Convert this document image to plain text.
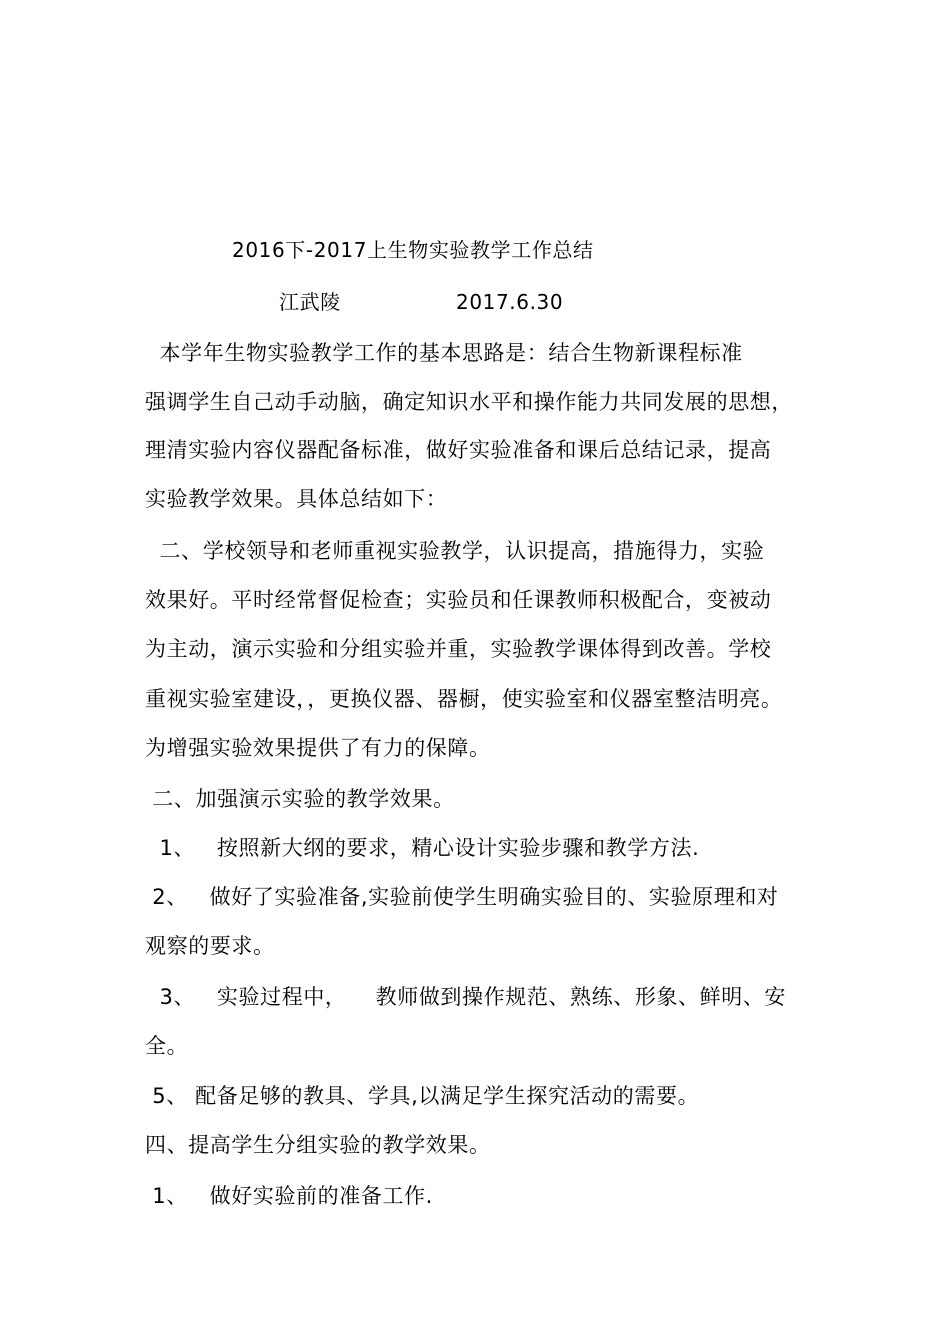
2016下-2017上生物实验教学工作总结
江武陵	2017.6.30
本学年生物实验教学工作的基本思路是：结合生物新课程标准
强调学生自己动手动脑，确定知识水平和操作能力共同发展的思想，
理清实验内容仪器配备标准，做好实验准备和课后总结记录，提高
实验教学效果。具体总结如下：
二、学校领导和老师重视实验教学，认识提高，措施得力，实验
效果好。平时经常督促检查；实验员和任课教师积极配合，变被动
为主动，演示实验和分组实验并重，实验教学课体得到改善。学校
重视实验室建设，，更换仪器、器橱，使实验室和仪器室整洁明亮。
为增强实验效果提供了有力的保障。
二、加强演示实验的教学效果。
1、   按照新大纲的要求，精心设计实验步骤和教学方法.
2、   做好了实验准备,实验前使学生明确实验目的、实验原理和对
观察的要求。
3、   实验过程中，    教师做到操作规范、熟练、形象、鲜明、安
全。
5、 配备足够的教具、学具,以满足学生探究活动的需要。
四、提高学生分组实验的教学效果。
1、   做好实验前的准备工作.
